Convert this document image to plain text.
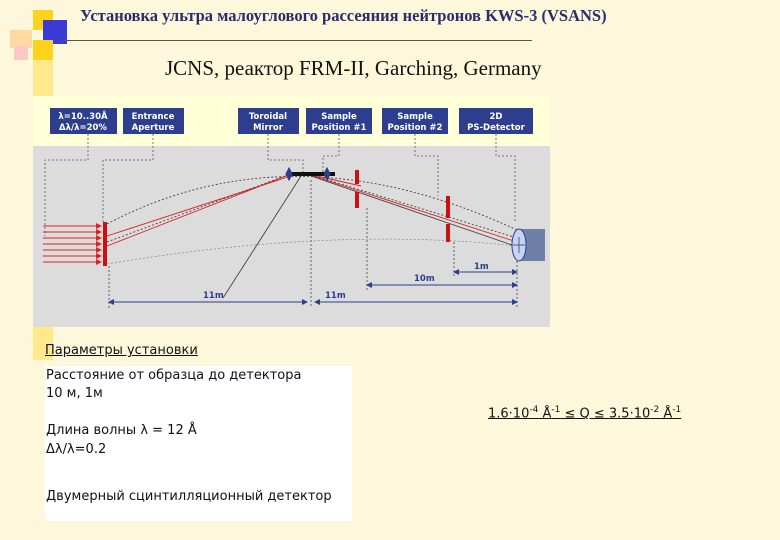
Установка ультра малоуглового рассеяния нейтронов KWS-3 (VSANS)
JCNS, реактор FRM-II, Garching, Germany
λ=10..30Å
Δλ/λ=20%
Entrance
Aperture
Toroidal
Mirror
Sample
Position #1
Sample
Position #2
2D
PS-Detector
11m	11m
10m
1m
Параметры установки
Расстояние от образца до детектора
10 м, 1м
Длина волны λ = 12 Å
Δλ/λ=0.2
Двумерный сцинтилляционный детектор
$1.6\cdot 10^{-4}$ $Å^{-1} \le Q \le 3.5\cdot 10^{-2}$ $Å^{-1}$
